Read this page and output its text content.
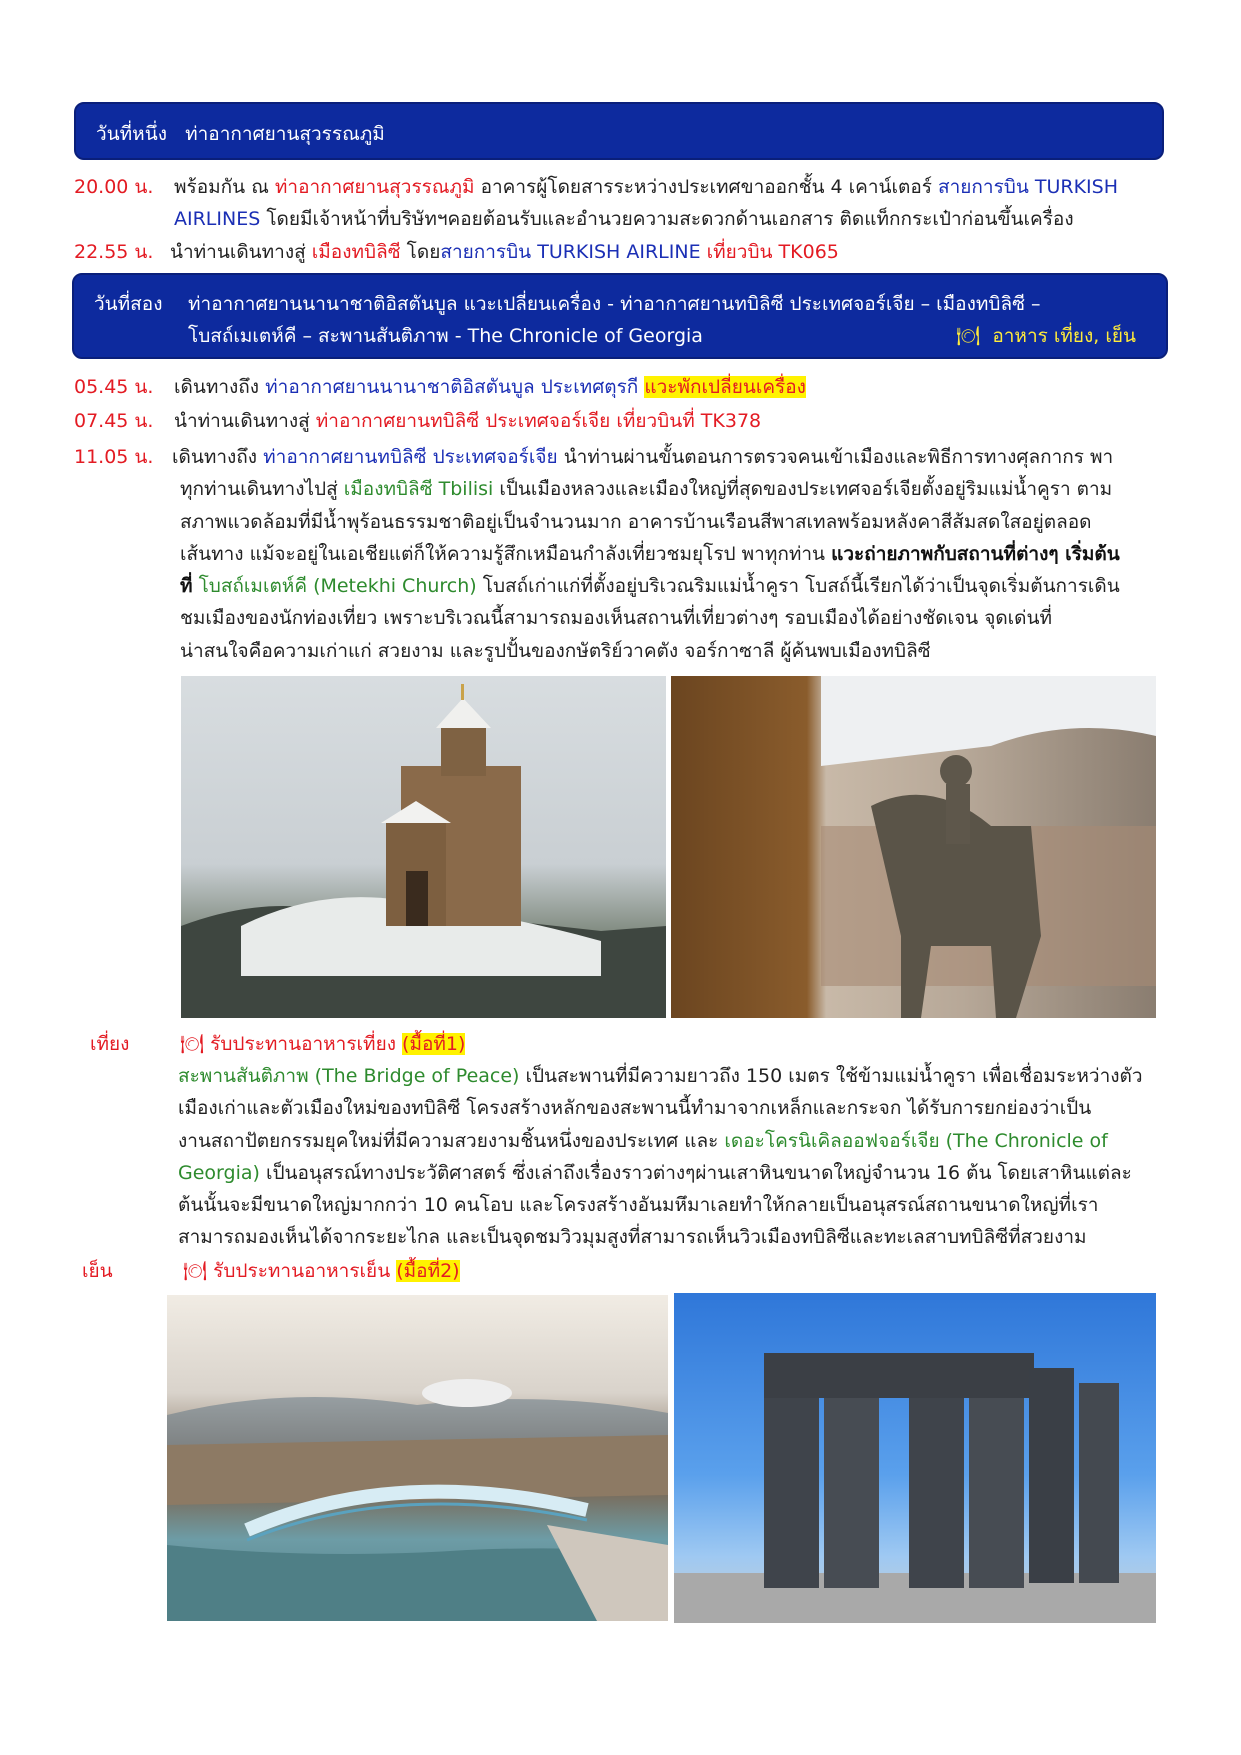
วันที่หนึ่ง ท่าอากาศยานสุวรรณภูมิ
20.00 น. พร้อมกัน ณ ท่าอากาศยานสุวรรณภูมิ อาคารผู้โดยสารระหว่างประเทศขาออกชั้น 4 เคาน์เตอร์ สายการบิน TURKISH
AIRLINES โดยมีเจ้าหน้าที่บริษัทฯคอยต้อนรับและอำนวยความสะดวกด้านเอกสาร ติดแท็กกระเป๋าก่อนขึ้นเครื่อง
22.55 น. นำท่านเดินทางสู่ เมืองทบิลิซี โดยสายการบิน TURKISH AIRLINE เที่ยวบิน TK065
วันที่สอง ท่าอากาศยานนานาชาติอิสตันบูล แวะเปลี่ยนเครื่อง - ท่าอากาศยานทบิลิซี ประเทศจอร์เจีย – เมืองทบิลิซี –
โบสถ์เมเตห์คี – สะพานสันติภาพ - The Chronicle of Georgia	🍽 อาหาร เที่ยง, เย็น
05.45 น. เดินทางถึง ท่าอากาศยานนานาชาติอิสตันบูล ประเทศตุรกี แวะพักเปลี่ยนเครื่อง
07.45 น. นำท่านเดินทางสู่ ท่าอากาศยานทบิลิซี ประเทศจอร์เจีย เที่ยวบินที่ TK378
11.05 น. เดินทางถึง ท่าอากาศยานทบิลิซี ประเทศจอร์เจีย นำท่านผ่านขั้นตอนการตรวจคนเข้าเมืองและพิธีการทางศุลกากร พา
ทุกท่านเดินทางไปสู่ เมืองทบิลิซี Tbilisi เป็นเมืองหลวงและเมืองใหญ่ที่สุดของประเทศจอร์เจียตั้งอยู่ริมแม่น้ำคูรา ตาม
สภาพแวดล้อมที่มีน้ำพุร้อนธรรมชาติอยู่เป็นจำนวนมาก อาคารบ้านเรือนสีพาสเทลพร้อมหลังคาสีส้มสดใสอยู่ตลอด
เส้นทาง แม้จะอยู่ในเอเชียแต่ก็ให้ความรู้สึกเหมือนกำลังเที่ยวชมยุโรป พาทุกท่าน แวะถ่ายภาพกับสถานที่ต่างๆ เริ่มต้น
ที่ โบสถ์เมเตห์คี (Metekhi Church) โบสถ์เก่าแก่ที่ตั้งอยู่บริเวณริมแม่น้ำคูรา โบสถ์นี้เรียกได้ว่าเป็นจุดเริ่มต้นการเดิน
ชมเมืองของนักท่องเที่ยว เพราะบริเวณนี้สามารถมองเห็นสถานที่เที่ยวต่างๆ รอบเมืองได้อย่างชัดเจน จุดเด่นที่
น่าสนใจคือความเก่าแก่ สวยงาม และรูปปั้นของกษัตริย์วาคตัง จอร์กาซาลี ผู้ค้นพบเมืองทบิลิซี
เที่ยง	🍽 รับประทานอาหารเที่ยง (มื้อที่1)
สะพานสันติภาพ (The Bridge of Peace) เป็นสะพานที่มีความยาวถึง 150 เมตร ใช้ข้ามแม่น้ำคูรา เพื่อเชื่อมระหว่างตัว
เมืองเก่าและตัวเมืองใหม่ของทบิลิซี โครงสร้างหลักของสะพานนี้ทำมาจากเหล็กและกระจก ได้รับการยกย่องว่าเป็น
งานสถาปัตยกรรมยุคใหม่ที่มีความสวยงามชิ้นหนึ่งของประเทศ และ เดอะโครนิเคิลออฟจอร์เจีย (The Chronicle of
Georgia) เป็นอนุสรณ์ทางประวัติศาสตร์ ซึ่งเล่าถึงเรื่องราวต่างๆผ่านเสาหินขนาดใหญ่จำนวน 16 ต้น โดยเสาหินแต่ละ
ต้นนั้นจะมีขนาดใหญ่มากกว่า 10 คนโอบ และโครงสร้างอันมหึมาเลยทำให้กลายเป็นอนุสรณ์สถานขนาดใหญ่ที่เรา
สามารถมองเห็นได้จากระยะไกล และเป็นจุดชมวิวมุมสูงที่สามารถเห็นวิวเมืองทบิลิซีและทะเลสาบทบิลิซีที่สวยงาม
เย็น	🍽 รับประทานอาหารเย็น (มื้อที่2)
